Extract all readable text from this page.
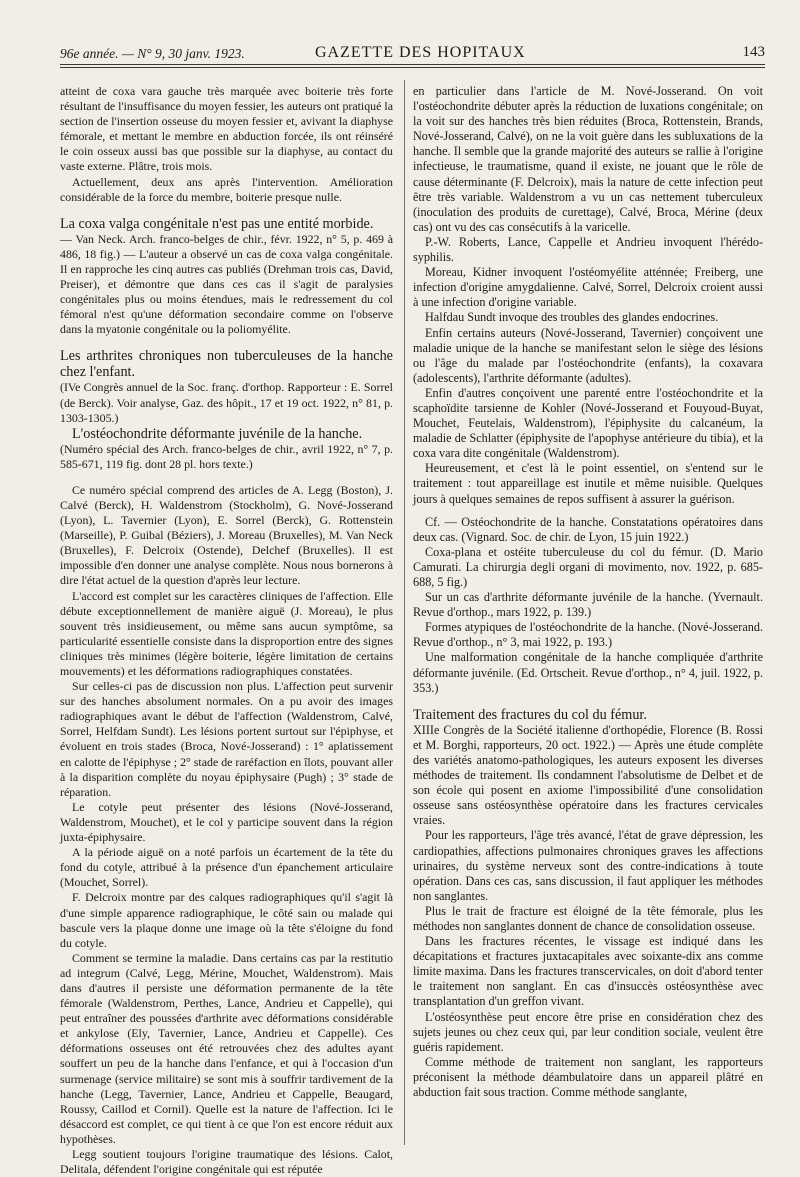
96e année. — N° 9, 30 janv. 1923.	GAZETTE DES HOPITAUX	143

atteint de coxa vara gauche très marquée avec boiterie très forte résultant de l'insuffisance du moyen fessier, les auteurs ont pratiqué la section de l'insertion osseuse du moyen fessier et, avivant la diaphyse fémorale, et mettant le membre en abduction forcée, ils ont réinséré le coin osseux aussi bas que possible sur la diaphyse, au contact du vaste externe. Plâtre, trois mois.

Actuellement, deux ans après l'intervention. Amélioration considérable de la force du membre, boiterie presque nulle.

La coxa valga congénitale n'est pas une entité morbide.

— Van Neck. Arch. franco-belges de chir., févr. 1922, n° 5, p. 469 à 486, 18 fig.) — L'auteur a observé un cas de coxa valga congénitale. Il en rapproche les cinq autres cas publiés (Drehman trois cas, David, Preiser), et démontre que dans ces cas il s'agit de paralysies congénitales plus ou moins étendues, mais le redressement du col fémoral n'est qu'une déformation secondaire comme on l'observe dans la myatonie congénitale ou la poliomyélite.

Les arthrites chroniques non tuberculeuses de la hanche chez l'enfant.

(IVe Congrès annuel de la Soc. franç. d'orthop. Rapporteur : E. Sorrel (de Berck). Voir analyse, Gaz. des hôpit., 17 et 19 oct. 1922, n° 81, p. 1303-1305.)

L'ostéochondrite déformante juvénile de la hanche.

(Numéro spécial des Arch. franco-belges de chir., avril 1922, n° 7, p. 585-671, 119 fig. dont 28 pl. hors texte.)

Ce numéro spécial comprend des articles de A. Legg (Boston), J. Calvé (Berck), H. Waldenstrom (Stockholm), G. Nové-Josserand (Lyon), L. Tavernier (Lyon), E. Sorrel (Berck), G. Rottenstein (Marseille), P. Guibal (Béziers), J. Moreau (Bruxelles), M. Van Neck (Bruxelles), F. Delcroix (Ostende), Delchef (Bruxelles). Il est impossible d'en donner une analyse complète. Nous nous bornerons à dire l'état actuel de la question d'après leur lecture.

L'accord est complet sur les caractères cliniques de l'affection. Elle débute exceptionnellement de manière aiguë (J. Moreau), le plus souvent très insidieusement, ou même sans aucun symptôme, sa particularité essentielle consiste dans la disproportion entre des signes cliniques très minimes (légère boiterie, légère limitation de certains mouvements) et les déformations radiographiques constatées.

Sur celles-ci pas de discussion non plus. L'affection peut survenir sur des hanches absolument normales. On a pu avoir des images radiographiques avant le début de l'affection (Waldenstrom, Calvé, Sorrel, Helfdam Sundt). Les lésions portent surtout sur l'épiphyse, et évoluent en trois stades (Broca, Nové-Josserand) : 1° aplatissement en calotte de l'épiphyse ; 2° stade de raréfaction en îlots, pouvant aller à la disparition complète du noyau épiphysaire (Pugh) ; 3° stade de réparation.

Le cotyle peut présenter des lésions (Nové-Josserand, Waldenstrom, Mouchet), et le col y participe souvent dans la région juxta-épiphysaire.

A la période aiguë on a noté parfois un écartement de la tête du fond du cotyle, attribué à la présence d'un épanchement articulaire (Mouchet, Sorrel).

F. Delcroix montre par des calques radiographiques qu'il s'agit là d'une simple apparence radiographique, le côté sain ou malade qui bascule vers la plaque donne une image où la tête s'éloigne du fond du cotyle.

Comment se termine la maladie. Dans certains cas par la restitutio ad integrum (Calvé, Legg, Mérine, Mouchet, Waldenstrom). Mais dans d'autres il persiste une déformation permanente de la tête fémorale (Waldenstrom, Perthes, Lance, Andrieu et Cappelle), qui peut entraîner des poussées d'arthrite avec déformations considérable et ankylose (Ely, Tavernier, Lance, Andrieu et Cappelle). Ces déformations osseuses ont été retrouvées chez des adultes ayant souffert un peu de la hanche dans l'enfance, et qui à l'occasion d'un surmenage (service militaire) se sont mis à souffrir tardivement de la hanche (Legg, Tavernier, Lance, Andrieu et Cappelle, Beaugard, Roussy, Caillod et Cornil). Quelle est la nature de l'affection. Ici le désaccord est complet, ce qui tient à ce que l'on est encore réduit aux hypothèses.

Legg soutient toujours l'origine traumatique des lésions. Calot, Delitala, défendent l'origine congénitale qui est réputée

en particulier dans l'article de M. Nové-Josserand. On voit l'ostéochondrite débuter après la réduction de luxations congénitale; on la voit sur des hanches très bien réduites (Broca, Rottenstein, Brands, Nové-Josserand, Calvé), on ne la voit guère dans les subluxations de la hanche. Il semble que la grande majorité des auteurs se rallie à l'origine infectieuse, le traumatisme, quand il existe, ne jouant que le rôle de cause déterminante (F. Delcroix), mais la nature de cette infection peut être très variable. Waldenstrom a vu un cas nettement tuberculeux (inoculation des produits de curettage), Calvé, Broca, Mérine (deux cas) ont vu des cas consécutifs à la varicelle.

P.-W. Roberts, Lance, Cappelle et Andrieu invoquent l'hérédo-syphilis.

Moreau, Kidner invoquent l'ostéomyélite atténnée; Freiberg, une infection d'origine amygdalienne. Calvé, Sorrel, Delcroix croient aussi à une infection d'origine variable.

Halfdau Sundt invoque des troubles des glandes endocrines.

Enfin certains auteurs (Nové-Josserand, Tavernier) conçoivent une maladie unique de la hanche se manifestant selon le siège des lésions ou l'âge du malade par l'ostéochondrite (enfants), la coxavara (adolescents), l'arthrite déformante (adultes).

Enfin d'autres conçoivent une parenté entre l'ostéochondrite et la scaphoïdite tarsienne de Kohler (Nové-Josserand et Fouyoud-Buyat, Mouchet, Feutelais, Waldenstrom), l'épiphysite du calcanéum, la maladie de Schlatter (épiphysite de l'apophyse antérieure du tibia), et la coxa vara dite congénitale (Waldenstrom).

Heureusement, et c'est là le point essentiel, on s'entend sur le traitement : tout appareillage est inutile et même nuisible. Quelques jours à quelques semaines de repos suffisent à assurer la guérison.

Cf. — Ostéochondrite de la hanche. Constatations opératoires dans deux cas. (Vignard. Soc. de chir. de Lyon, 15 juin 1922.)

Coxa-plana et ostéite tuberculeuse du col du fémur. (D. Mario Camurati. La chirurgia degli organi di movimento, nov. 1922, p. 685-688, 5 fig.)

Sur un cas d'arthrite déformante juvénile de la hanche. (Yvernault. Revue d'orthop., mars 1922, p. 139.)

Formes atypiques de l'ostéochondrite de la hanche. (Nové-Josserand. Revue d'orthop., n° 3, mai 1922, p. 193.)

Une malformation congénitale de la hanche compliquée d'arthrite déformante juvénile. (Ed. Ortscheit. Revue d'orthop., n° 4, juil. 1922, p. 353.)

Traitement des fractures du col du fémur.

XIIIe Congrès de la Société italienne d'orthopédie, Florence (B. Rossi et M. Borghi, rapporteurs, 20 oct. 1922.) — Après une étude complète des variétés anatomo-pathologiques, les auteurs exposent les diverses méthodes de traitement. Ils condamnent l'absolutisme de Delbet et de son école qui posent en axiome l'impossibilité d'une consolidation osseuse sans ostéosynthèse opératoire dans les fractures cervicales vraies.

Pour les rapporteurs, l'âge très avancé, l'état de grave dépression, les cardiopathies, affections pulmonaires chroniques graves les affections urinaires, du système nerveux sont des contre-indications à toute opération. Dans ces cas, sans discussion, il faut appliquer les méthodes non sanglantes.

Plus le trait de fracture est éloigné de la tête fémorale, plus les méthodes non sanglantes donnent de chance de consolidation osseuse.

Dans les fractures récentes, le vissage est indiqué dans les décapitations et fractures juxtacapitales avec soixante-dix ans comme limite maxima. Dans les fractures transcervicales, on doit d'abord tenter le traitement non sanglant. En cas d'insuccès ostéosynthèse avec transplantation d'un greffon vivant.

L'ostéosynthèse peut encore être prise en considération chez des sujets jeunes ou chez ceux qui, par leur condition sociale, veulent être guéris rapidement.

Comme méthode de traitement non sanglant, les rapporteurs préconisent la méthode déambulatoire dans un appareil plâtré en abduction fait sous traction. Comme méthode sanglante,
